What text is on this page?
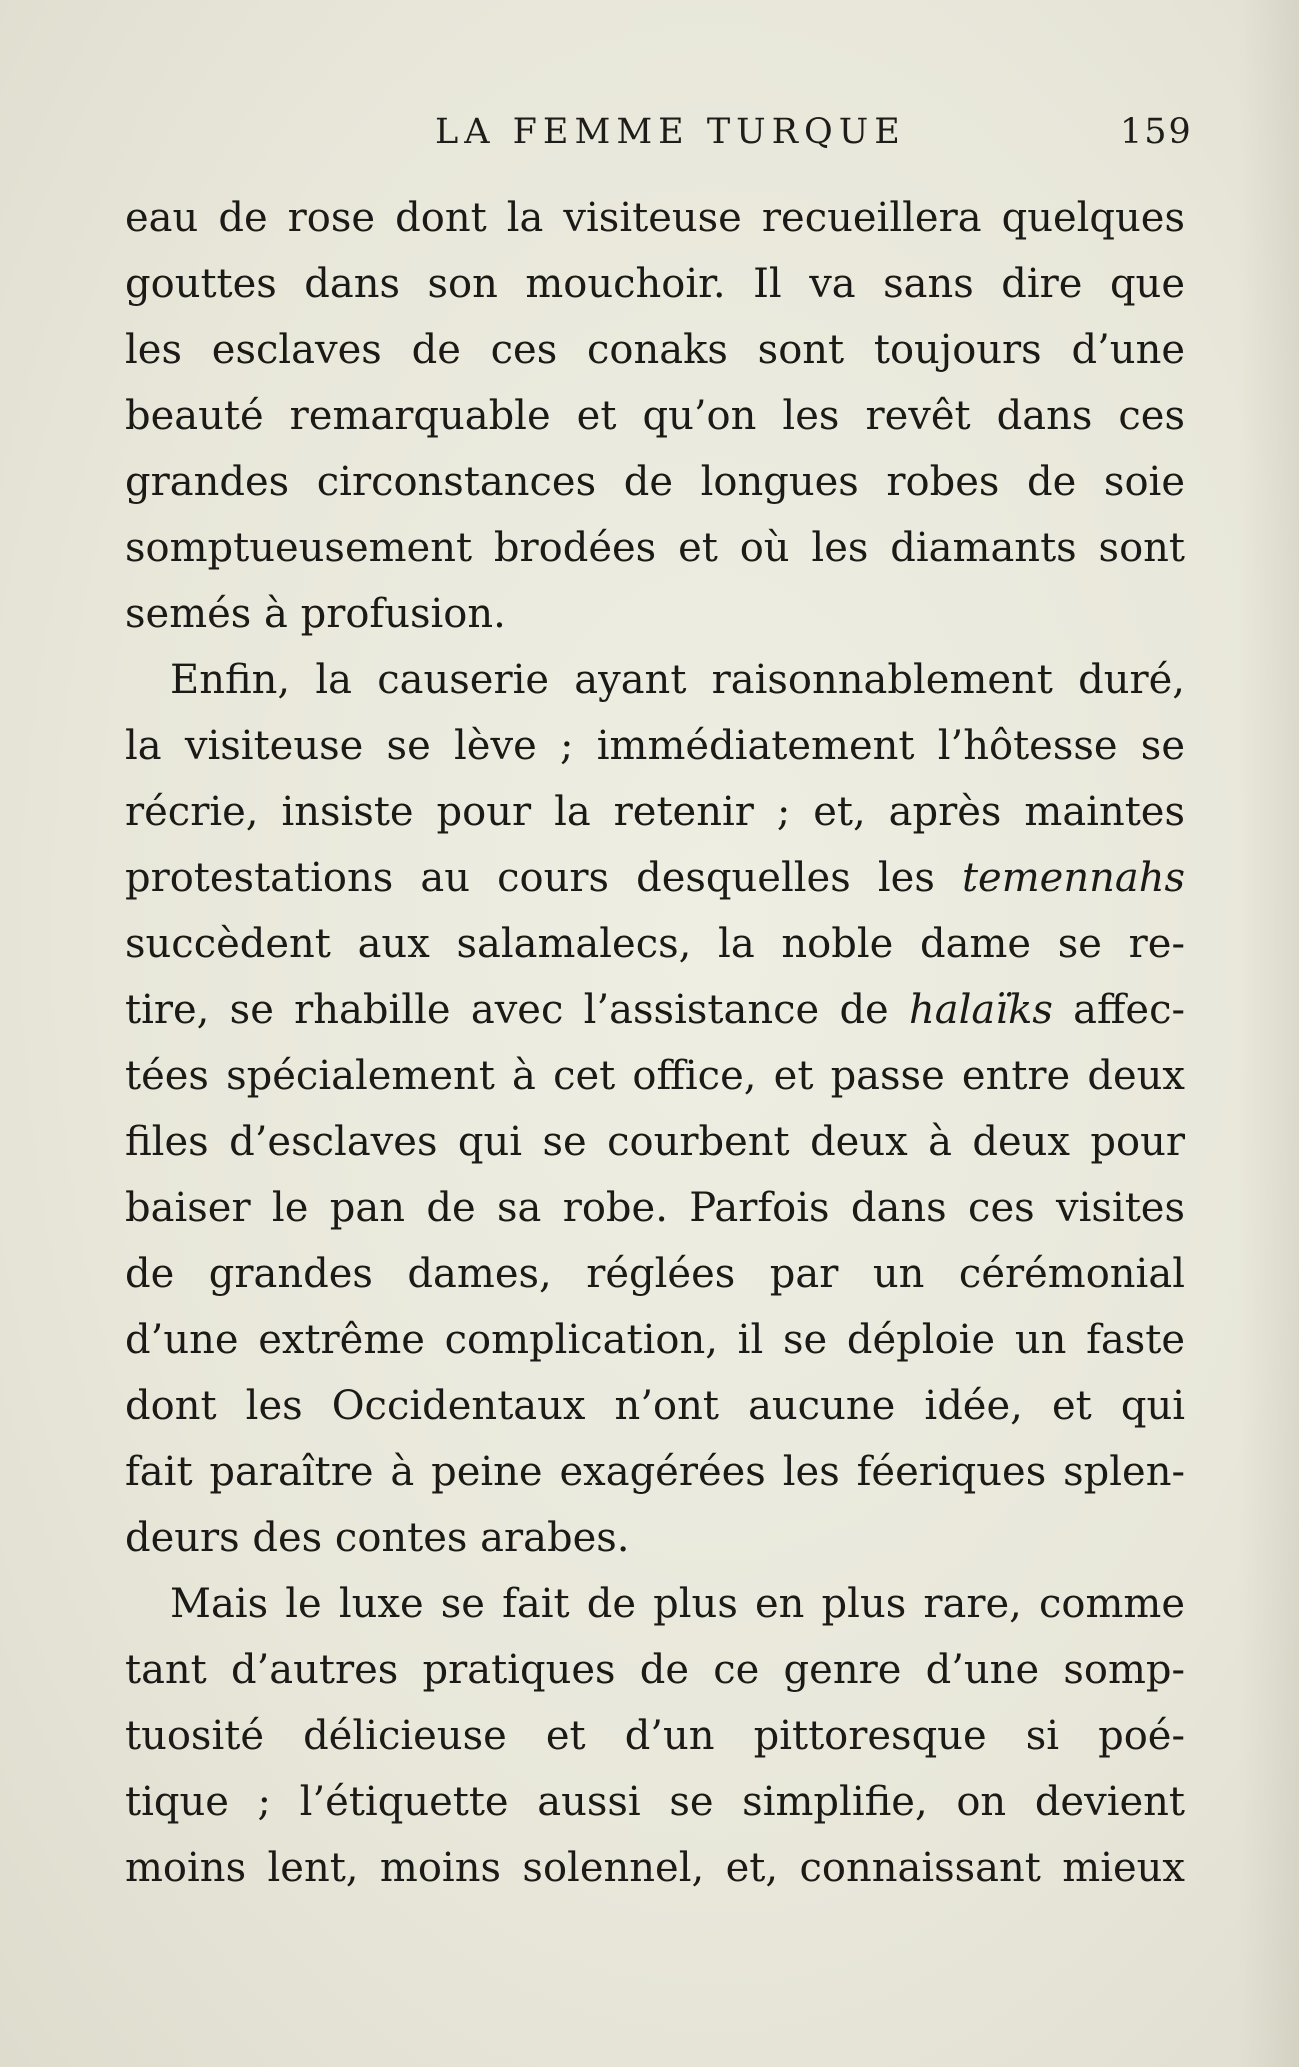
LA FEMME TURQUE	159
eau de rose dont la visiteuse recueillera quelques
gouttes dans son mouchoir. Il va sans dire que
les esclaves de ces conaks sont toujours d’une
beauté remarquable et qu’on les revêt dans ces
grandes circonstances de longues robes de soie
somptueusement brodées et où les diamants sont
semés à profusion.
Enfin, la causerie ayant raisonnablement duré,
la visiteuse se lève ; immédiatement l’hôtesse se
récrie, insiste pour la retenir ; et, après maintes
protestations au cours desquelles les temennahs
succèdent aux salamalecs, la noble dame se re-
tire, se rhabille avec l’assistance de halaïks affec-
tées spécialement à cet office, et passe entre deux
files d’esclaves qui se courbent deux à deux pour
baiser le pan de sa robe. Parfois dans ces visites
de grandes dames, réglées par un cérémonial
d’une extrême complication, il se déploie un faste
dont les Occidentaux n’ont aucune idée, et qui
fait paraître à peine exagérées les féeriques splen-
deurs des contes arabes.
Mais le luxe se fait de plus en plus rare, comme
tant d’autres pratiques de ce genre d’une somp-
tuosité délicieuse et d’un pittoresque si poé-
tique ; l’étiquette aussi se simplifie, on devient
moins lent, moins solennel, et, connaissant mieux
